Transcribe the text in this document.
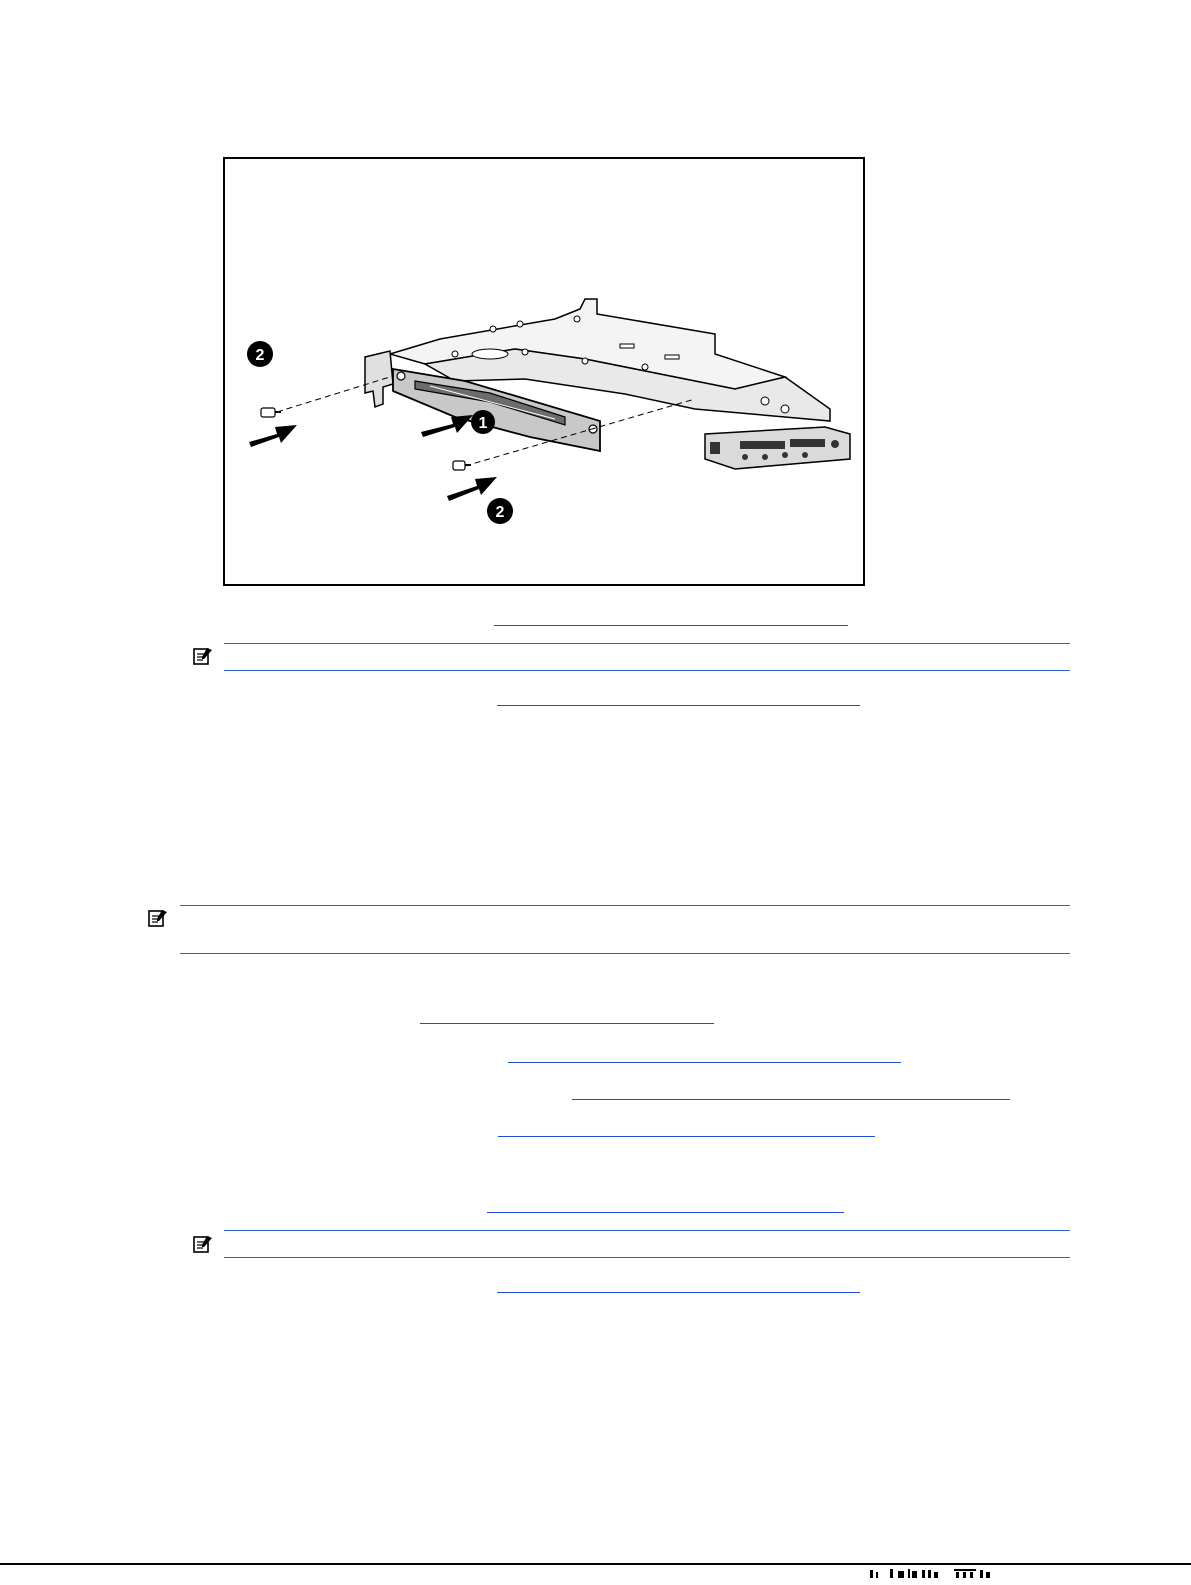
2
1
2
